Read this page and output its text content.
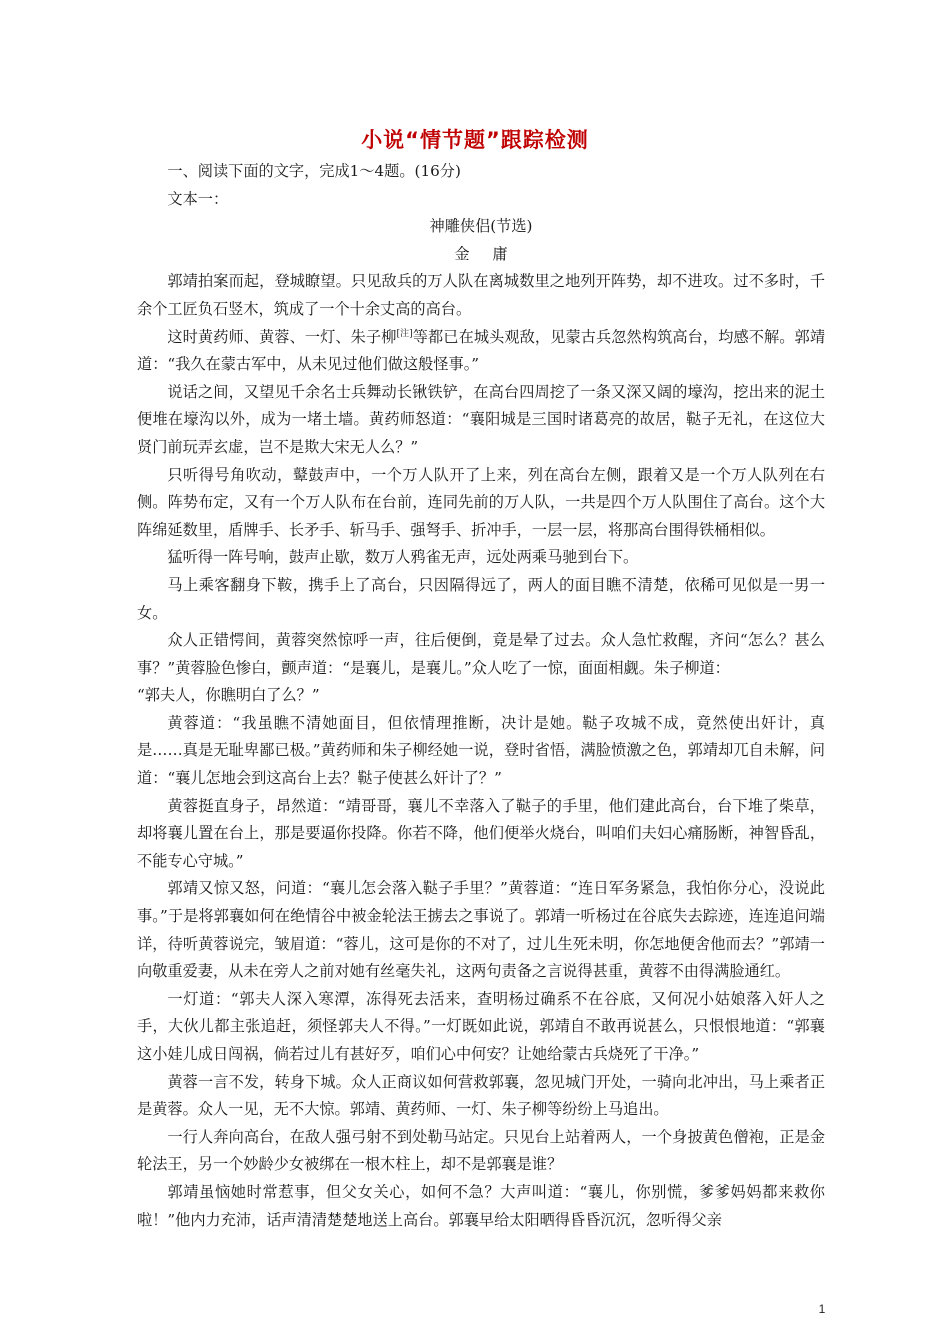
小说“情节题”跟踪检测

一、阅读下面的文字，完成1～4题。(16分)

文本一：

神雕侠侣(节选)

金庸

郭靖拍案而起，登城瞭望。只见敌兵的万人队在离城数里之地列开阵势，却不进攻。过不多时，千余个工匠负石竖木，筑成了一个十余丈高的高台。

这时黄药师、黄蓉、一灯、朱子柳[注]等都已在城头观敌，见蒙古兵忽然构筑高台，均感不解。郭靖道：“我久在蒙古军中，从未见过他们做这般怪事。”

说话之间，又望见千余名士兵舞动长锹铁铲，在高台四周挖了一条又深又阔的壕沟，挖出来的泥土便堆在壕沟以外，成为一堵土墙。黄药师怒道：“襄阳城是三国时诸葛亮的故居，鞑子无礼，在这位大贤门前玩弄玄虚，岂不是欺大宋无人么？”

只听得号角吹动，鼙鼓声中，一个万人队开了上来，列在高台左侧，跟着又是一个万人队列在右侧。阵势布定，又有一个万人队布在台前，连同先前的万人队，一共是四个万人队围住了高台。这个大阵绵延数里，盾牌手、长矛手、斩马手、强弩手、折冲手，一层一层，将那高台围得铁桶相似。

猛听得一阵号响，鼓声止歇，数万人鸦雀无声，远处两乘马驰到台下。

马上乘客翻身下鞍，携手上了高台，只因隔得远了，两人的面目瞧不清楚，依稀可见似是一男一女。

众人正错愕间，黄蓉突然惊呼一声，往后便倒，竟是晕了过去。众人急忙救醒，齐问“怎么？甚么事？”黄蓉脸色惨白，颤声道：“是襄儿，是襄儿。”众人吃了一惊，面面相觑。朱子柳道：

“郭夫人，你瞧明白了么？”

黄蓉道：“我虽瞧不清她面目，但依情理推断，决计是她。鞑子攻城不成，竟然使出奸计，真是……真是无耻卑鄙已极。”黄药师和朱子柳经她一说，登时省悟，满脸愤激之色，郭靖却兀自未解，问道：“襄儿怎地会到这高台上去？鞑子使甚么奸计了？”

黄蓉挺直身子，昂然道：“靖哥哥，襄儿不幸落入了鞑子的手里，他们建此高台，台下堆了柴草，却将襄儿置在台上，那是要逼你投降。你若不降，他们便举火烧台，叫咱们夫妇心痛肠断，神智昏乱，不能专心守城。”

郭靖又惊又怒，问道：“襄儿怎会落入鞑子手里？”黄蓉道：“连日军务紧急，我怕你分心，没说此事。”于是将郭襄如何在绝情谷中被金轮法王掳去之事说了。郭靖一听杨过在谷底失去踪迹，连连追问端详，待听黄蓉说完，皱眉道：“蓉儿，这可是你的不对了，过儿生死未明，你怎地便舍他而去？”郭靖一向敬重爱妻，从未在旁人之前对她有丝毫失礼，这两句责备之言说得甚重，黄蓉不由得满脸通红。

一灯道：“郭夫人深入寒潭，冻得死去活来，查明杨过确系不在谷底，又何况小姑娘落入奸人之手，大伙儿都主张追赶，须怪郭夫人不得。”一灯既如此说，郭靖自不敢再说甚么，只恨恨地道：“郭襄这小娃儿成日闯祸，倘若过儿有甚好歹，咱们心中何安？让她给蒙古兵烧死了干净。”

黄蓉一言不发，转身下城。众人正商议如何营救郭襄，忽见城门开处，一骑向北冲出，马上乘者正是黄蓉。众人一见，无不大惊。郭靖、黄药师、一灯、朱子柳等纷纷上马追出。

一行人奔向高台，在敌人强弓射不到处勒马站定。只见台上站着两人，一个身披黄色僧袍，正是金轮法王，另一个妙龄少女被绑在一根木柱上，却不是郭襄是谁？

郭靖虽恼她时常惹事，但父女关心，如何不急？大声叫道：“襄儿，你别慌，爹爹妈妈都来救你啦！”他内力充沛，话声清清楚楚地送上高台。郭襄早给太阳晒得昏昏沉沉，忽听得父亲

1
